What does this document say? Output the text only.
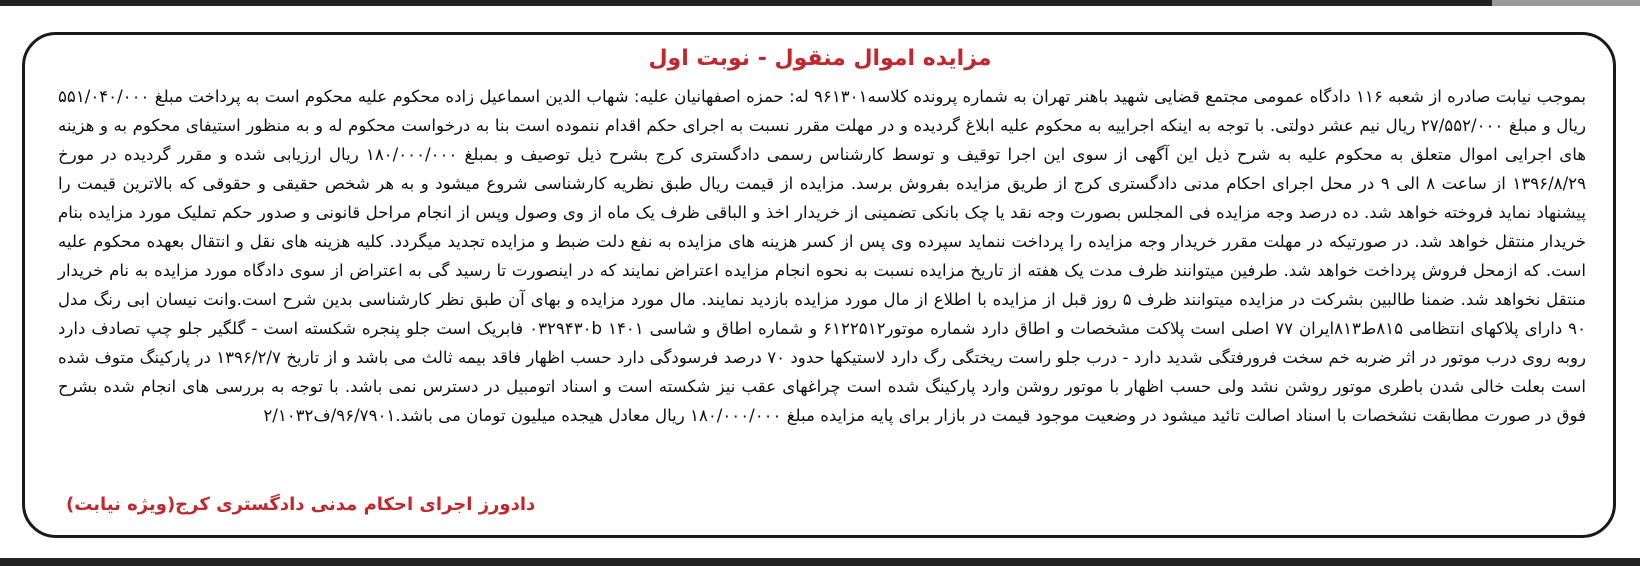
مزایده اموال منقول - نوبت اول
بموجب نیابت صادره از شعبه ۱۱۶ دادگاه عمومی مجتمع قضایی شهید باهنر تهران به شماره پرونده کلاسه۹۶۱۳۰۱ له: حمزه اصفهانیان علیه: شهاب الدین اسماعیل زاده محکوم علیه محکوم است به پرداخت مبلغ ۵۵۱/۰۴۰/۰۰۰ ریال و مبلغ ۲۷/۵۵۲/۰۰۰ ریال نیم عشر دولتی. با توجه به اینکه اجراییه به محکوم علیه ابلاغ گردیده و در مهلت مقرر نسبت به اجرای حکم اقدام ننموده است بنا به درخواست محکوم له و به منظور استیفای محکوم به و هزینه های اجرایی اموال متعلق به محکوم علیه به شرح ذیل این آگهی از سوی این اجرا توقیف و توسط کارشناس رسمی دادگستری کرج بشرح ذیل توصیف و بمبلغ ۱۸۰/۰۰۰/۰۰۰ ریال ارزیابی شده و مقرر گردیده در مورخ ۱۳۹۶/۸/۲۹ از ساعت ۸ الی ۹ در محل اجرای احکام مدنی دادگستری کرج از طریق مزایده بفروش برسد. مزایده از قیمت ریال طبق نظریه کارشناسی شروع میشود و به هر شخص حقیقی و حقوقی که بالاترین قیمت را پیشنهاد نماید فروخته خواهد شد. ده درصد وجه مزایده فی المجلس بصورت وجه نقد یا چک بانکی تضمینی از خریدار اخذ و الباقی ظرف یک ماه از وی وصول وپس از انجام مراحل قانونی و صدور حکم تملیک مورد مزایده بنام خریدار منتقل خواهد شد. در صورتیکه در مهلت مقرر خریدار وجه مزایده را پرداخت ننماید سپرده وی پس از کسر هزینه های مزایده به نفع دلت ضبط و مزایده تجدید میگردد. کلیه هزینه های نقل و انتقال بعهده محکوم علیه است. که ازمحل فروش پرداخت خواهد شد. طرفین میتوانند ظرف مدت یک هفته از تاریخ مزایده نسبت به نحوه انجام مزایده اعتراض نمایند که در اینصورت تا رسید گی به اعتراض از سوی دادگاه مورد مزایده به نام خریدار منتقل نخواهد شد. ضمنا طالبین بشرکت در مزایده میتوانند ظرف ۵ روز قبل از مزایده با اطلاع از مال مورد مزایده بازدید نمایند. مال مورد مزایده و بهای آن طبق نظر کارشناسی بدین شرح است.وانت نیسان ابی رنگ مدل ۹۰ دارای پلاکهای انتظامی ۸۱۵ط۸۱۳ایران ۷۷ اصلی است پلاکت مشخصات و اطاق دارد شماره موتور۶۱۲۲۵۱۲ و شماره اطاق و شاسی ۰۳۲۹۴۳۰b ۱۴۰۱ فابریک است جلو پنجره شکسته است - گلگیر جلو چپ تصادف دارد روبه روی درب موتور در اثر ضربه خم سخت فرورفتگی شدید دارد - درب جلو راست ریختگی رگ دارد لاستیکها حدود ۷۰ درصد فرسودگی دارد حسب اظهار فاقد بیمه ثالث می باشد و از تاریخ ۱۳۹۶/۲/۷ در پارکینگ متوف شده است بعلت خالی شدن باطری موتور روشن نشد ولی حسب اظهار با موتور روشن وارد پارکینگ شده است چراغهای عقب نیز شکسته است و اسناد اتومبیل در دسترس نمی باشد. با توجه به بررسی های انجام شده بشرح فوق در صورت مطابقت نشخصات با اسناد اصالت تائید میشود در وضعیت موجود قیمت در بازار برای پایه مزایده مبلغ ۱۸۰/۰۰۰/۰۰۰ ریال معادل هیجده میلیون تومان می باشد.۹۶/۷۹۰۱/ف۲/۱۰۳۲
دادورز اجرای احکام مدنی دادگستری کرج(ویژه نیابت)
